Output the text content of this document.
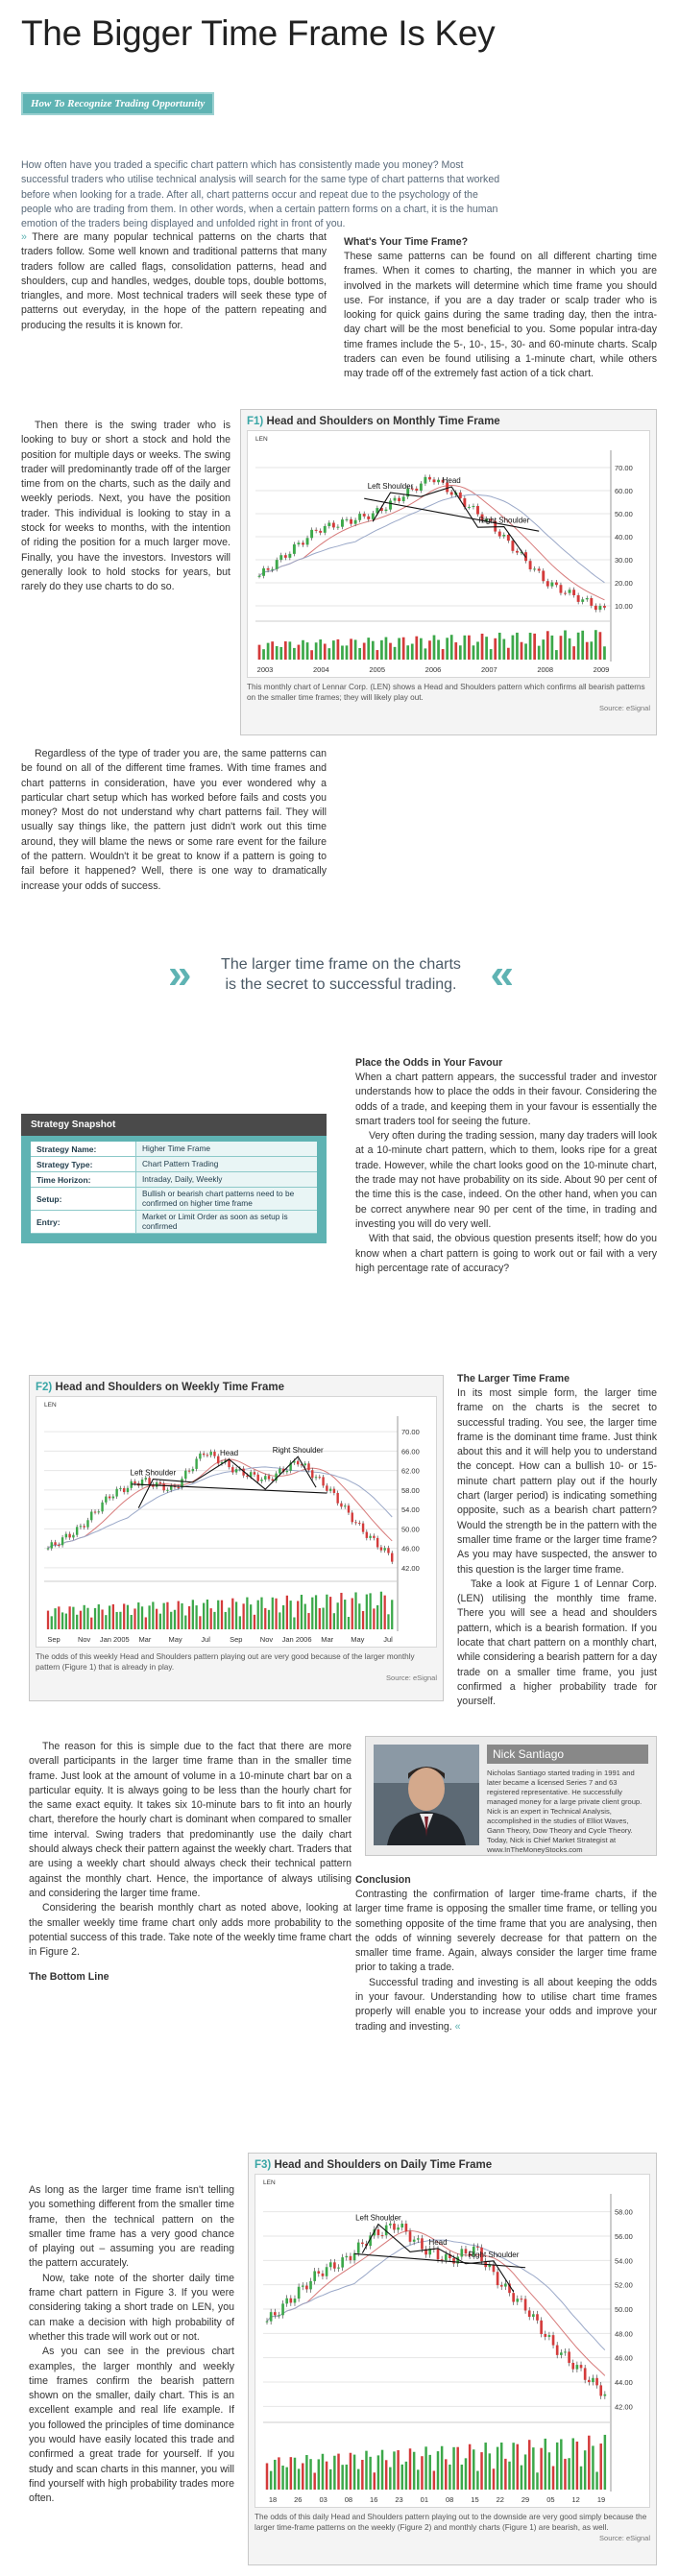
The Bigger Time Frame Is Key
How To Recognize Trading Opportunity

How often have you traded a specific chart pattern which has consistently made you money? Most successful traders who utilise technical analysis will search for the same type of chart patterns that worked before when looking for a trade. After all, chart patterns occur and repeat due to the psychology of the people who are trading from them. In other words, when a certain pattern forms on a chart, it is the human emotion of the traders being displayed and unfolded right in front of you.

» There are many popular technical patterns on the charts that traders follow. Some well known and traditional patterns that many traders follow are called flags, consolidation patterns, head and shoulders, cup and handles, wedges, double tops, double bottoms, triangles, and more. Most technical traders will seek these type of patterns out everyday, in the hope of the pattern repeating and producing the results it is known for.

What's Your Time Frame?

These same patterns can be found on all different charting time frames. When it comes to charting, the manner in which you are involved in the markets will determine which time frame you should use. For instance, if you are a day trader or scalp trader who is looking for quick gains during the same trading day, then the intra-day chart will be the most beneficial to you. Some popular intra-day time frames include the 5-, 10-, 15-, 30- and 60-minute charts. Scalp traders can even be found utilising a 1-minute chart, while others may trade off of the extremely fast action of a tick chart.

F1) Head and Shoulders on Monthly Time Frame
70.00
60.00
50.00
40.00
30.00
20.00
10.00
LEN
2003	2004	2005	2006	2007	2008	2009
Left Shoulder
Head
Right Shoulder
This monthly chart of Lennar Corp. (LEN) shows a Head and Shoulders pattern which confirms all bearish patterns on the smaller time frames; they will likely play out.
Source: eSignal

Then there is the swing trader who is looking to buy or short a stock and hold the position for multiple days or weeks. The swing trader will predominantly trade off of the larger time from on the charts, such as the daily and weekly periods. Next, you have the position trader. This individual is looking to stay in a stock for weeks to months, with the intention of riding the position for a much larger move. Finally, you have the investors. Investors will generally look to hold stocks for years, but rarely do they use charts to do so.

Regardless of the type of trader you are, the same patterns can be found on all of the different time frames. With time frames and chart patterns in consideration, have you ever wondered why a particular chart setup which has worked before fails and costs you money? Most do not understand why chart patterns fail. They will usually say things like, the pattern just didn't work out this time around, they will blame the news or some rare event for the failure of the pattern. Wouldn't it be great to know if a pattern is going to fail before it happened? Well, there is one way to dramatically increase your odds of success.

» The larger time frame on the charts
is the secret to successful trading. «
Strategy Snapshot
Strategy Name:	Higher Time Frame
Strategy Type:	Chart Pattern Trading
Time Horizon:	Intraday, Daily, Weekly
Setup:
Bullish or bearish chart patterns need to be confirmed on higher time frame
Entry:
Market or Limit Order as soon as setup is confirmed
Place the Odds in Your Favour

When a chart pattern appears, the successful trader and investor understands how to place the odds in their favour. Considering the odds of a trade, and keeping them in your favour is essentially the smart traders tool for seeing the future.

Very often during the trading session, many day traders will look at a 10-minute chart pattern, which to them, looks ripe for a great trade. However, while the chart looks good on the 10-minute chart, the trade may not have probability on its side. About 90 per cent of the time this is the case, indeed. On the other hand, when you can be correct anywhere near 90 per cent of the time, in trading and investing you will do very well.

With that said, the obvious question presents itself; how do you know when a chart pattern is going to work out or fail with a very high percentage rate of accuracy?

F2) Head and Shoulders on Weekly Time Frame
70.00
66.00
62.00
58.00
54.00
50.00
46.00
42.00
LEN
Sep Nov Jan 2005 Mar May	Jul	Sep Nov Jan 2006 Mar May	Jul
Left Shoulder
Head	Right Shoulder
The odds of this weekly Head and Shoulders pattern playing out are very good because of the larger monthly pattern (Figure 1) that is already in play.
Source: eSignal
The Larger Time Frame

In its most simple form, the larger time frame on the charts is the secret to successful trading. You see, the larger time frame is the dominant time frame. Just think about this and it will help you to understand the concept. How can a bullish 10- or 15-minute chart pattern play out if the hourly chart (larger period) is indicating something opposite, such as a bearish chart pattern? Would the strength be in the pattern with the smaller time frame or the larger time frame? As you may have suspected, the answer to this question is the larger time frame.

Take a look at Figure 1 of Lennar Corp. (LEN) utilising the monthly time frame. There you will see a head and shoulders pattern, which is a bearish formation. If you locate that chart pattern on a monthly chart, while considering a bearish pattern for a day trade on a smaller time frame, you just confirmed a higher probability trade for yourself.

Nick Santiago
Nicholas Santiago started trading in 1991 and later became a licensed Series 7 and 63 registered representative. He successfully managed money for a large private client group. Nick is an expert in Technical Analysis, accomplished in the studies of Elliot Waves, Gann Theory, Dow Theory and Cycle Theory. Today, Nick is Chief Market Strategist at www.InTheMoneyStocks.com

The reason for this is simple due to the fact that there are more overall participants in the larger time frame than in the smaller time frame. Just look at the amount of volume in a 10-minute chart bar on a particular equity. It is always going to be less than the hourly chart for the same exact equity. It takes six 10-minute bars to fit into an hourly chart, therefore the hourly chart is dominant when compared to smaller time interval. Swing traders that predominantly use the daily chart should always check their pattern against the weekly chart. Traders that are using a weekly chart should always check their technical pattern against the monthly chart. Hence, the importance of always utilising and considering the larger time frame.

Considering the bearish monthly chart as noted above, looking at the smaller weekly time frame chart only adds more probability to the potential success of this trade. Take note of the weekly time frame chart in Figure 2.

The Bottom Line

As long as the larger time frame isn't telling you something different from the smaller time frame, then the technical pattern on the smaller time frame has a very good chance of playing out – assuming you are reading the pattern accurately.

Now, take note of the shorter daily time frame chart pattern in Figure 3. If you were considering taking a short trade on LEN, you can make a decision with high probability of whether this trade will work out or not.

As you can see in the previous chart examples, the larger monthly and weekly time frames confirm the bearish pattern shown on the smaller, daily chart. This is an excellent example and real life example. If you followed the principles of time dominance you would have easily located this trade and confirmed a great trade for yourself. If you study and scan charts in this manner, you will find yourself with high probability trades more often.

Conclusion

Contrasting the confirmation of larger time-frame charts, if the larger time frame is opposing the smaller time frame, or telling you something opposite of the time frame that you are analysing, then the odds of winning severely decrease for that pattern on the smaller time frame. Again, always consider the larger time frame prior to taking a trade.

Successful trading and investing is all about keeping the odds in your favour. Understanding how to utilise chart time frames properly will enable you to increase your odds and improve your trading and investing. «

F3) Head and Shoulders on Daily Time Frame
58.00
56.00
54.00
52.00
50.00
48.00
46.00
44.00
42.00
LEN
18 26 03 08 16 23 01 08 15 22 29 05 12 19
Left Shoulder
Head
Right Shoulder
The odds of this daily Head and Shoulders pattern playing out to the downside are very good simply because the larger time-frame patterns on the weekly (Figure 2) and monthly charts (Figure 1) are bearish, as well.
Source: eSignal
